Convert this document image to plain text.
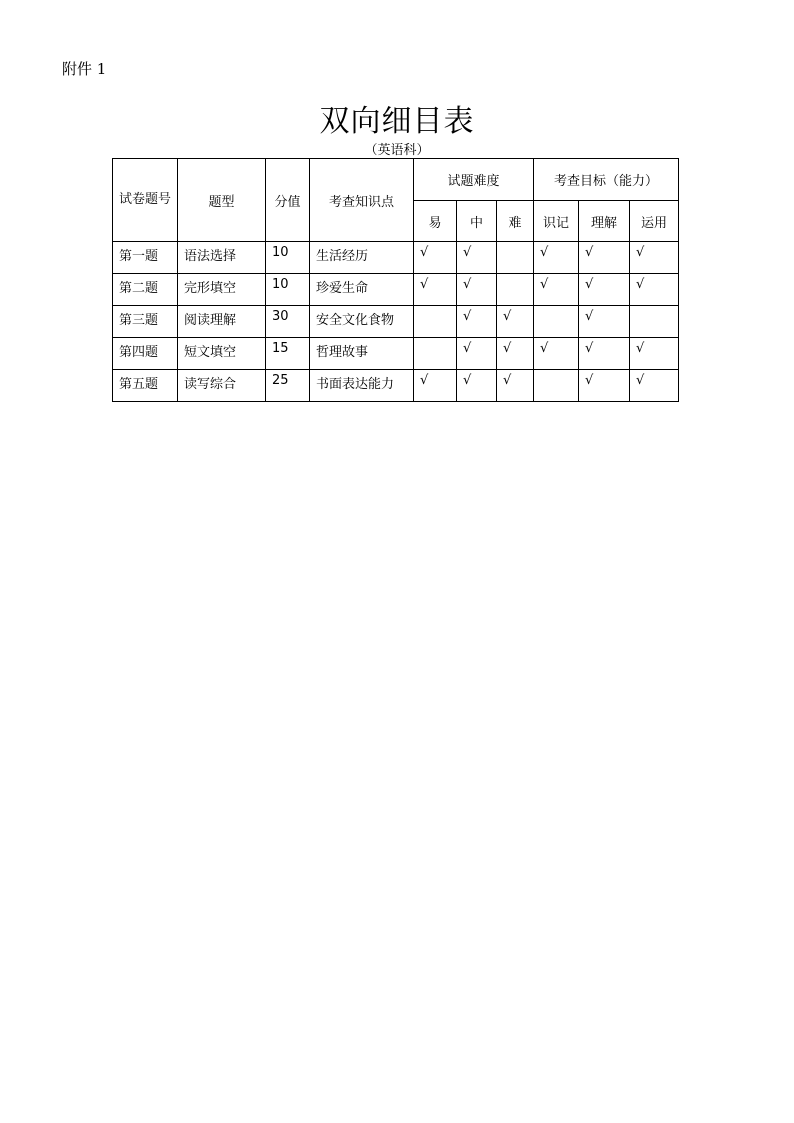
附件 1
双向细目表
（英语科）
试卷题号	题型	分值	考查知识点	试题难度			考查目标（能力）		
				易	中	难	识记	理解	运用
第一题	语法选择	10	生活经历	√	√		√	√	√
第二题	完形填空	10	珍爱生命	√	√		√	√	√
第三题	阅读理解	30	安全文化食物		√	√		√	
第四题	短文填空	15	哲理故事		√	√	√	√	√
第五题	读写综合	25	书面表达能力	√	√	√		√	√
